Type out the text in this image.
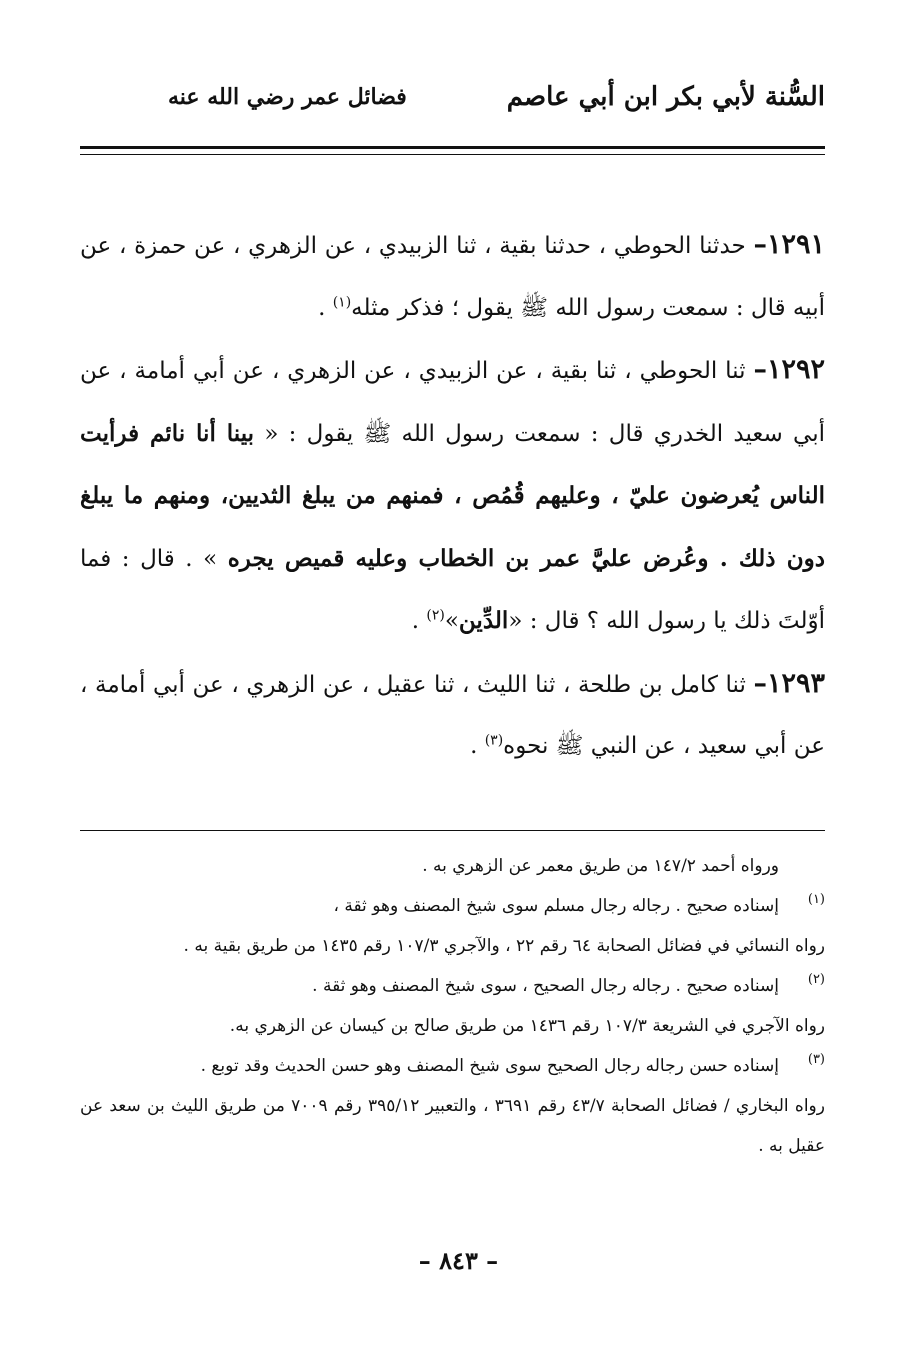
السُّنة لأبي بكر ابن أبي عاصم
فضائل عمر رضي الله عنه

١٢٩١– حدثنا الحوطي ، حدثنا بقية ، ثنا الزبيدي ، عن الزهري ، عن حمزة ، عن أبيه قال : سمعت رسول الله ﷺ يقول ؛ فذكر مثله$^{(١)}$ .

١٢٩٢– ثنا الحوطي ، ثنا بقية ، عن الزبيدي ، عن الزهري ، عن أبي أمامة ، عن أبي سعيد الخدري قال : سمعت رسول الله ﷺ يقول : « بينا أنا نائم فرأيت الناس يُعرضون عليّ ، وعليهم قُمُص ، فمنهم من يبلغ الثديين، ومنهم ما يبلغ دون ذلك . وعُرض عليَّ عمر بن الخطاب وعليه قميص يجره » . قال : فما أوّلتَ ذلك يا رسول الله ؟ قال : «الدِّين»$^{(٢)}$ .

١٢٩٣– ثنا كامل بن طلحة ، ثنا الليث ، ثنا عقيل ، عن الزهري ، عن أبي أمامة ، عن أبي سعيد ، عن النبي ﷺ نحوه$^{(٣)}$ .

ورواه أحمد ١٤٧/٢ من طريق معمر عن الزهري به .

(١)إسناده صحيح . رجاله رجال مسلم سوى شيخ المصنف وهو ثقة ،

رواه النسائي في فضائل الصحابة ٦٤ رقم ٢٢ ، والآجري ١٠٧/٣ رقم ١٤٣٥ من طريق بقية به .

(٢)إسناده صحيح . رجاله رجال الصحيح ، سوى شيخ المصنف وهو ثقة .

رواه الآجري في الشريعة ١٠٧/٣ رقم ١٤٣٦ من طريق صالح بن كيسان عن الزهري به.

(٣)إسناده حسن رجاله رجال الصحيح سوى شيخ المصنف وهو حسن الحديث وقد توبع .

رواه البخاري / فضائل الصحابة ٤٣/٧ رقم ٣٦٩١ ، والتعبير ٣٩٥/١٢ رقم ٧٠٠٩ من طريق الليث بن سعد عن عقيل به .

– ٨٤٣ –
